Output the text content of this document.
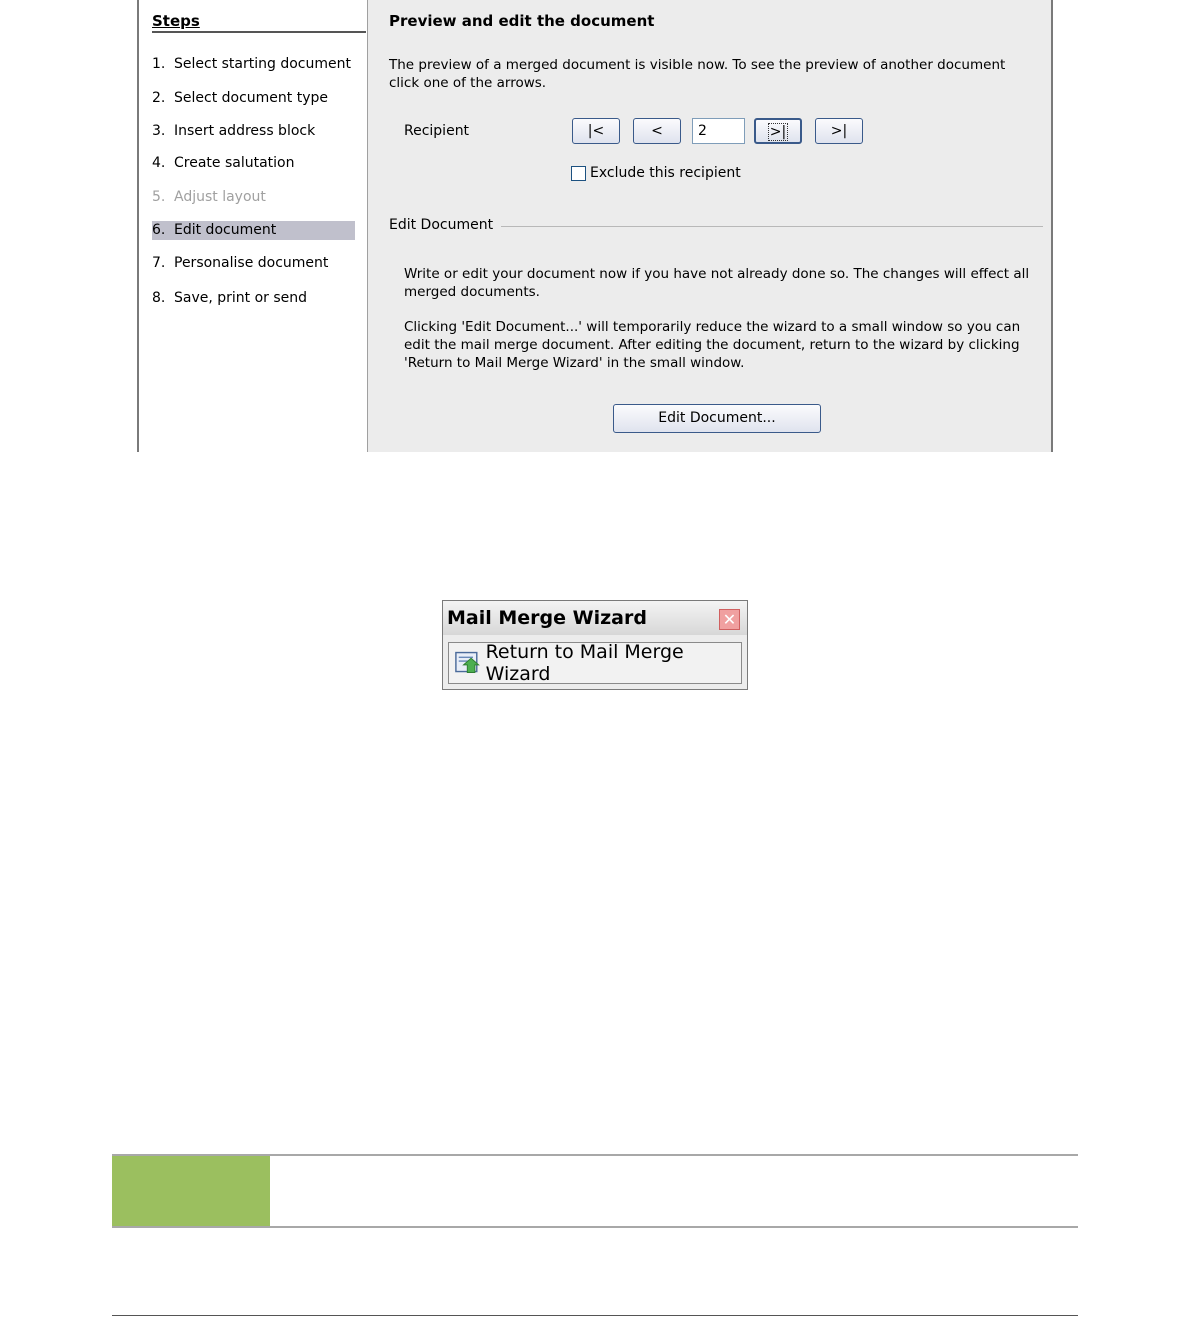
Steps
1. Select starting document
2. Select document type
3. Insert address block
4. Create salutation
5. Adjust layout
6. Edit document
7. Personalise document
8. Save, print or send
Preview and edit the document
The preview of a merged document is visible now. To see the preview of another document click one of the arrows.
Recipient	|<	<	2	>|	>|
Exclude this recipient
Edit Document
Write or edit your document now if you have not already done so. The changes will effect all merged documents.
Clicking 'Edit Document...' will temporarily reduce the wizard to a small window so you can edit the mail merge document. After editing the document, return to the wizard by clicking 'Return to Mail Merge Wizard' in the small window.
Edit Document...
Mail Merge Wizard	✕
Return to Mail Merge Wizard
